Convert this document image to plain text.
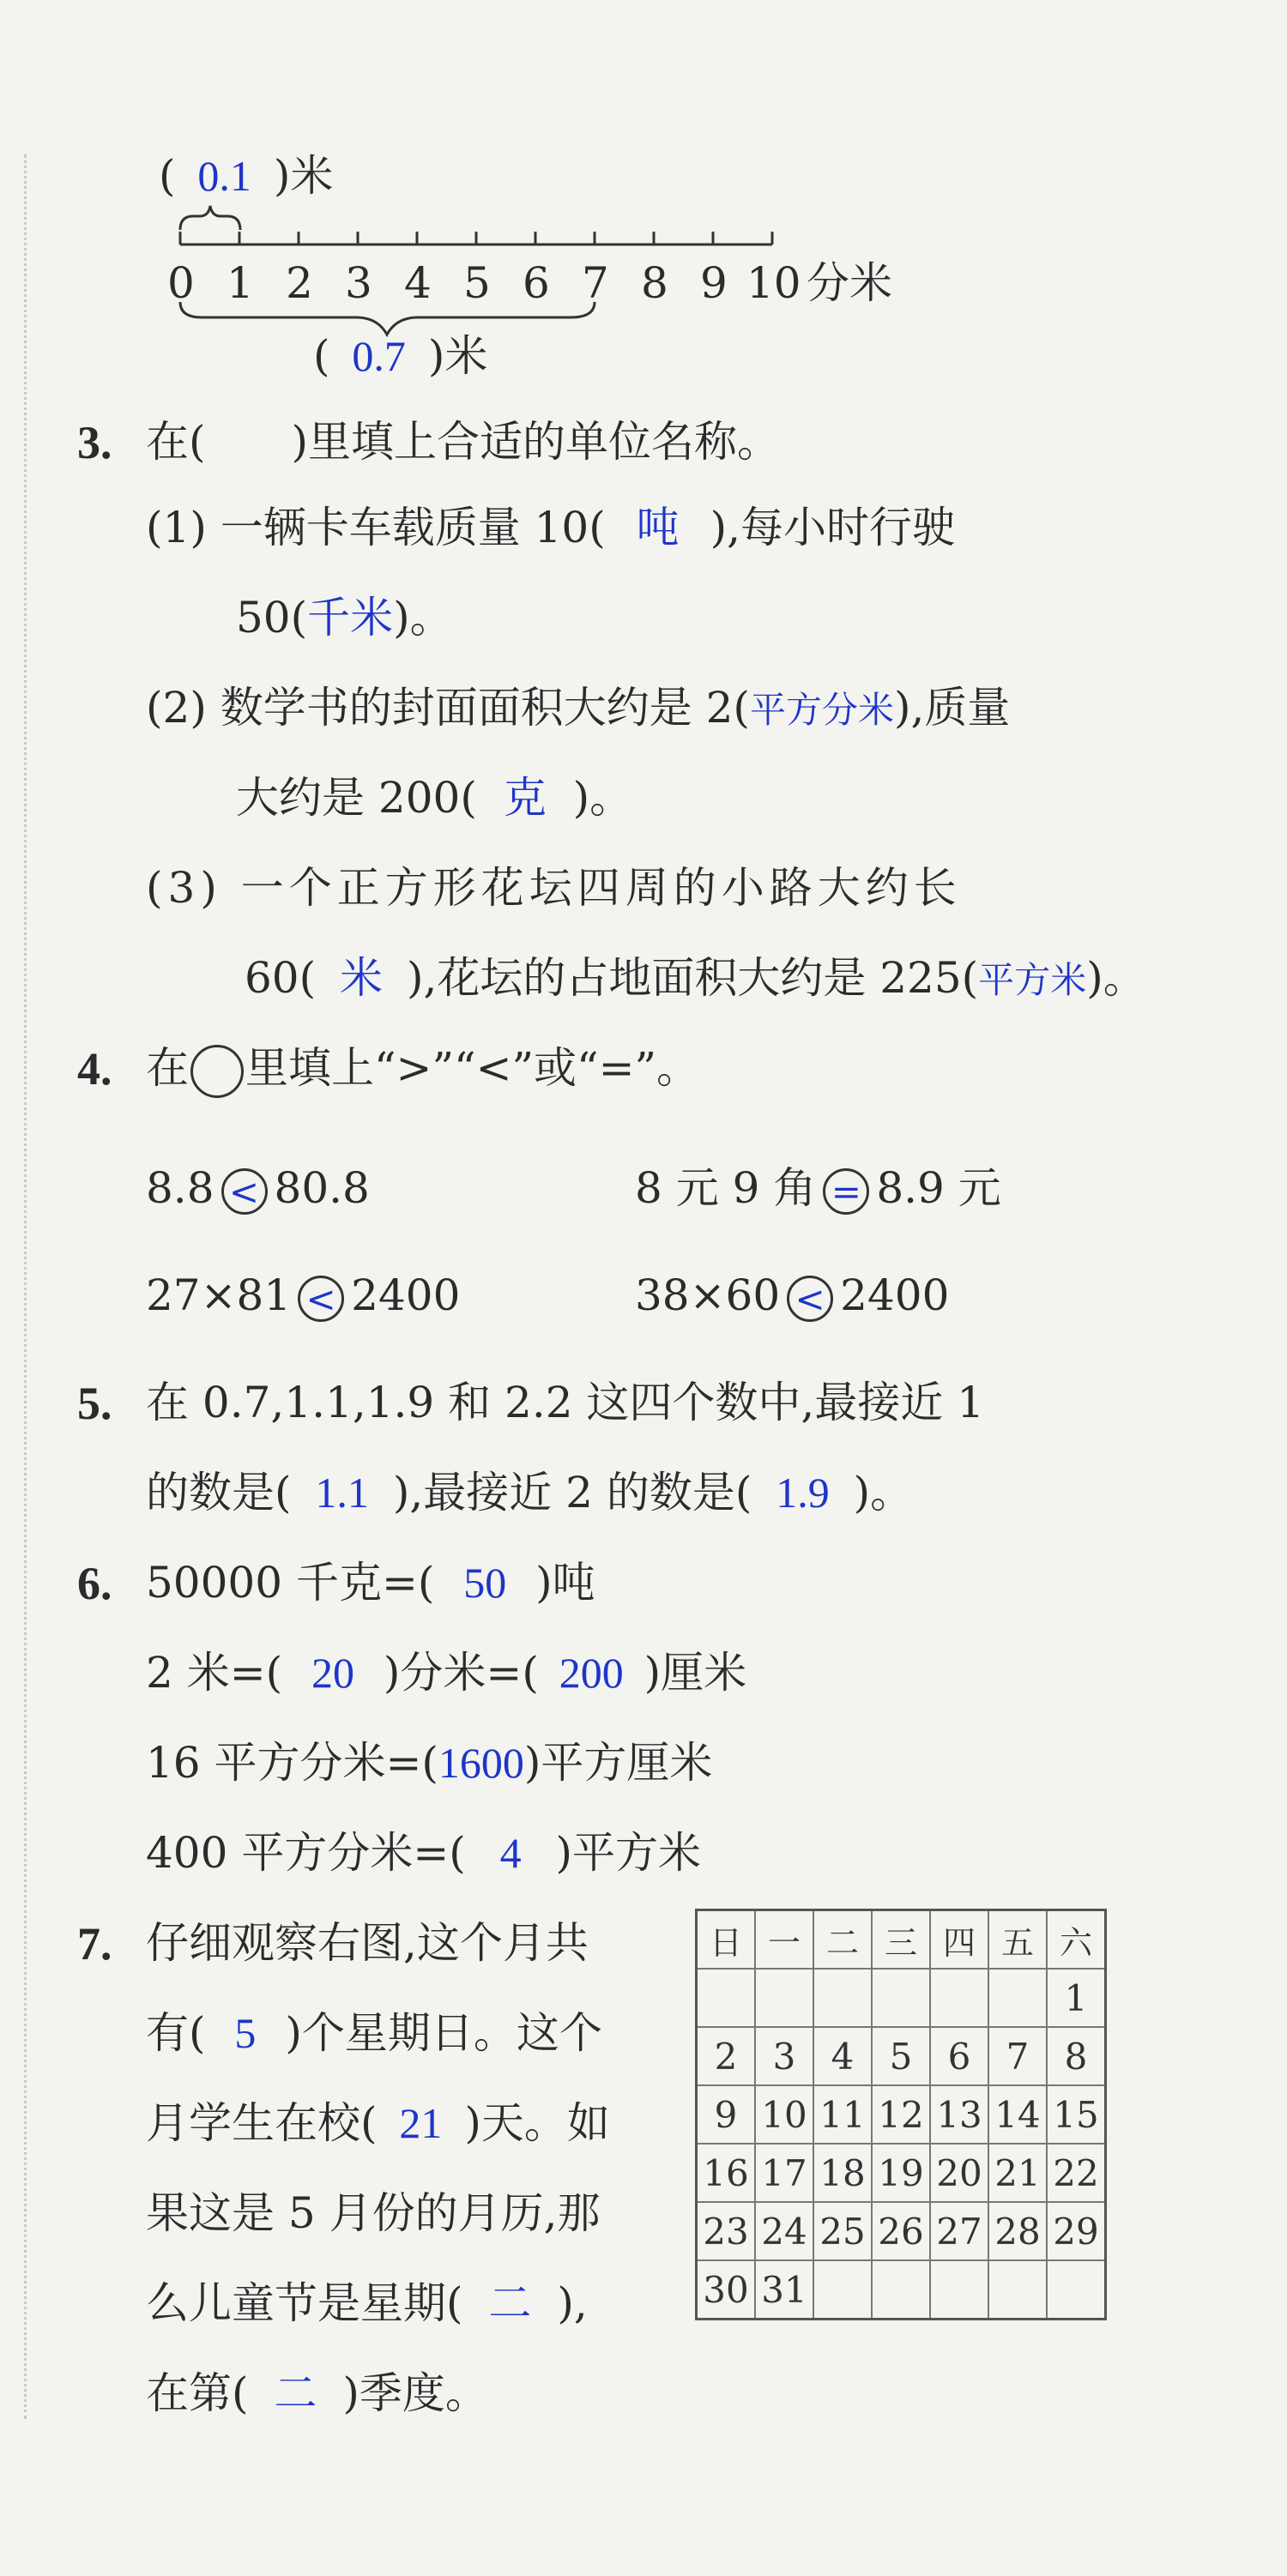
( 0.1 )米
0 1 2 3 4 5 6 7 8 9 10 分米
( 0.7 )米
3. 在(　　)里填上合适的单位名称。
(1) 一辆卡车载质量 10( 吨 ),每小时行驶
50(千米)。
(2) 数学书的封面面积大约是 2(平方分米),质量
大约是 200( 克 )。
(3) 一个正方形花坛四周的小路大约长
60( 米 ),花坛的占地面积大约是 225(平方米)。
4. 在 里填上“>”“<”或“=”。
8.8 < 80.8	8 元 9 角 = 8.9 元
27×81 < 2400	38×60 < 2400
5. 在 0.7,1.1,1.9 和 2.2 这四个数中,最接近 1
的数是( 1.1 ),最接近 2 的数是( 1.9 )。
6. 50000 千克=( 50 )吨
2 米=( 20 )分米=( 200 )厘米
16 平方分米=(1600)平方厘米
400 平方分米=( 4 )平方米
7. 仔细观察右图,这个月共
有( 5 )个星期日。这个
月学生在校( 21 )天。如
果这是 5 月份的月历,那
么儿童节是星期( 二 ),
在第( 二 )季度。
日	一	二	三	四	五	六
						1
2	3	4	5	6	7	8
9	10	11	12	13	14	15
16	17	18	19	20	21	22
23	24	25	26	27	28	29
30	31					
